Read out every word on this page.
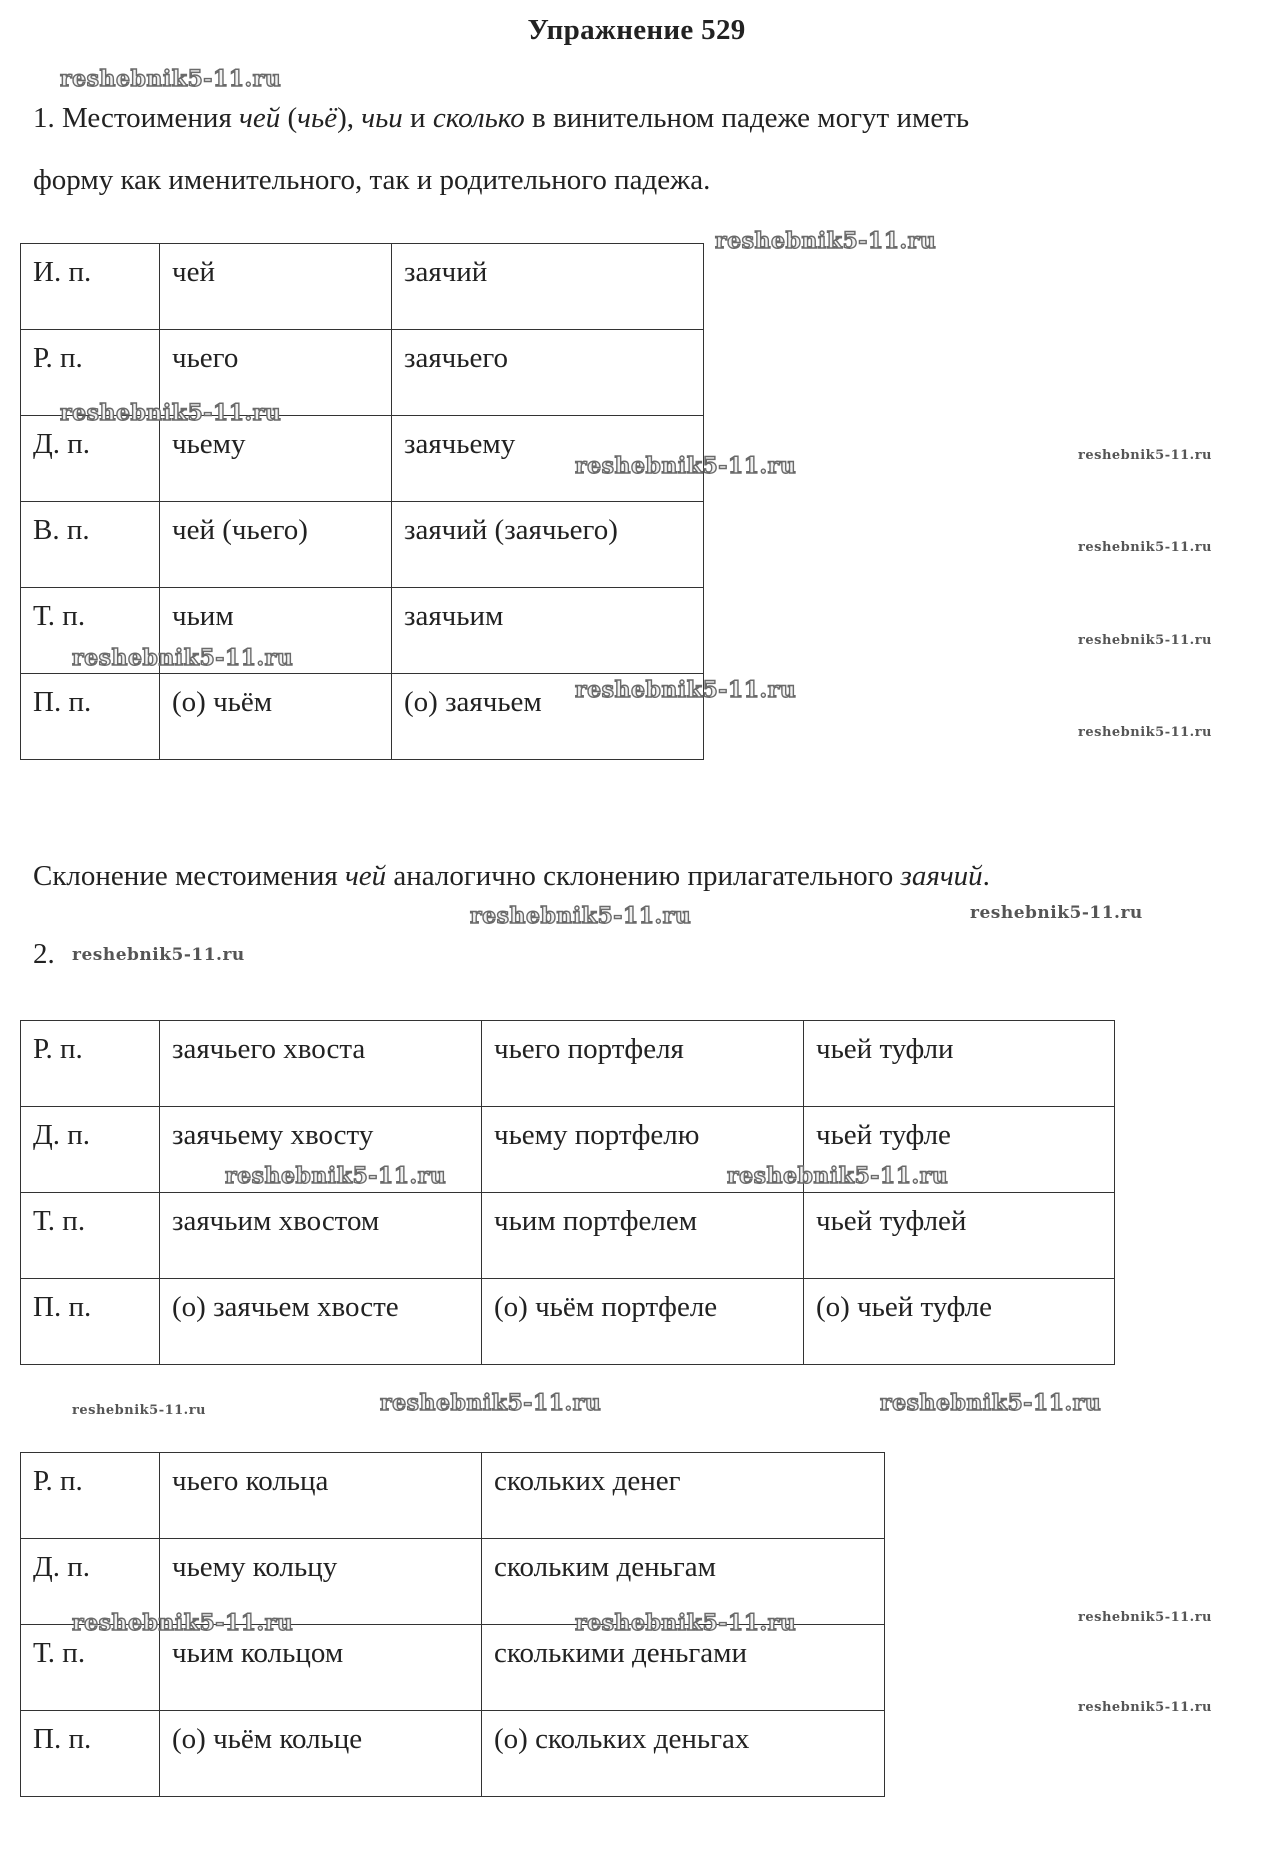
Упражнение 529
1. Местоимения чей (чьё), чьи и сколько в винительном падеже могут иметь
форму как именительного, так и родительного падежа.
И. п.	чей	заячий
Р. п.	чьего	заячьего
Д. п.	чьему	заячьему
В. п.	чей (чьего)	заячий (заячьего)
Т. п.	чьим	заячьим
П. п.	(о) чьём	(о) заячьем
Склонение местоимения чей аналогично склонению прилагательного заячий.
2.
Р. п.	заячьего хвоста	чьего портфеля	чьей туфли
Д. п.	заячьему хвосту	чьему портфелю	чьей туфле
Т. п.	заячьим хвостом	чьим портфелем	чьей туфлей
П. п.	(о) заячьем хвосте	(о) чьём портфеле	(о) чьей туфле
Р. п.	чьего кольца	скольких денег
Д. п.	чьему кольцу	скольким деньгам
Т. п.	чьим кольцом	сколькими деньгами
П. п.	(о) чьём кольце	(о) скольких деньгах
reshebnik5-11.ru
reshebnik5-11.ru
reshebnik5-11.ru
reshebnik5-11.ru	reshebnik5-11.ru
reshebnik5-11.ru
reshebnik5-11.ru
reshebnik5-11.ru
reshebnik5-11.ru
reshebnik5-11.ru
reshebnik5-11.ru	reshebnik5-11.ru
reshebnik5-11.ru
reshebnik5-11.ru	reshebnik5-11.ru
reshebnik5-11.ru	reshebnik5-11.ru	reshebnik5-11.ru
reshebnik5-11.ru
reshebnik5-11.ru	reshebnik5-11.ru
reshebnik5-11.ru
